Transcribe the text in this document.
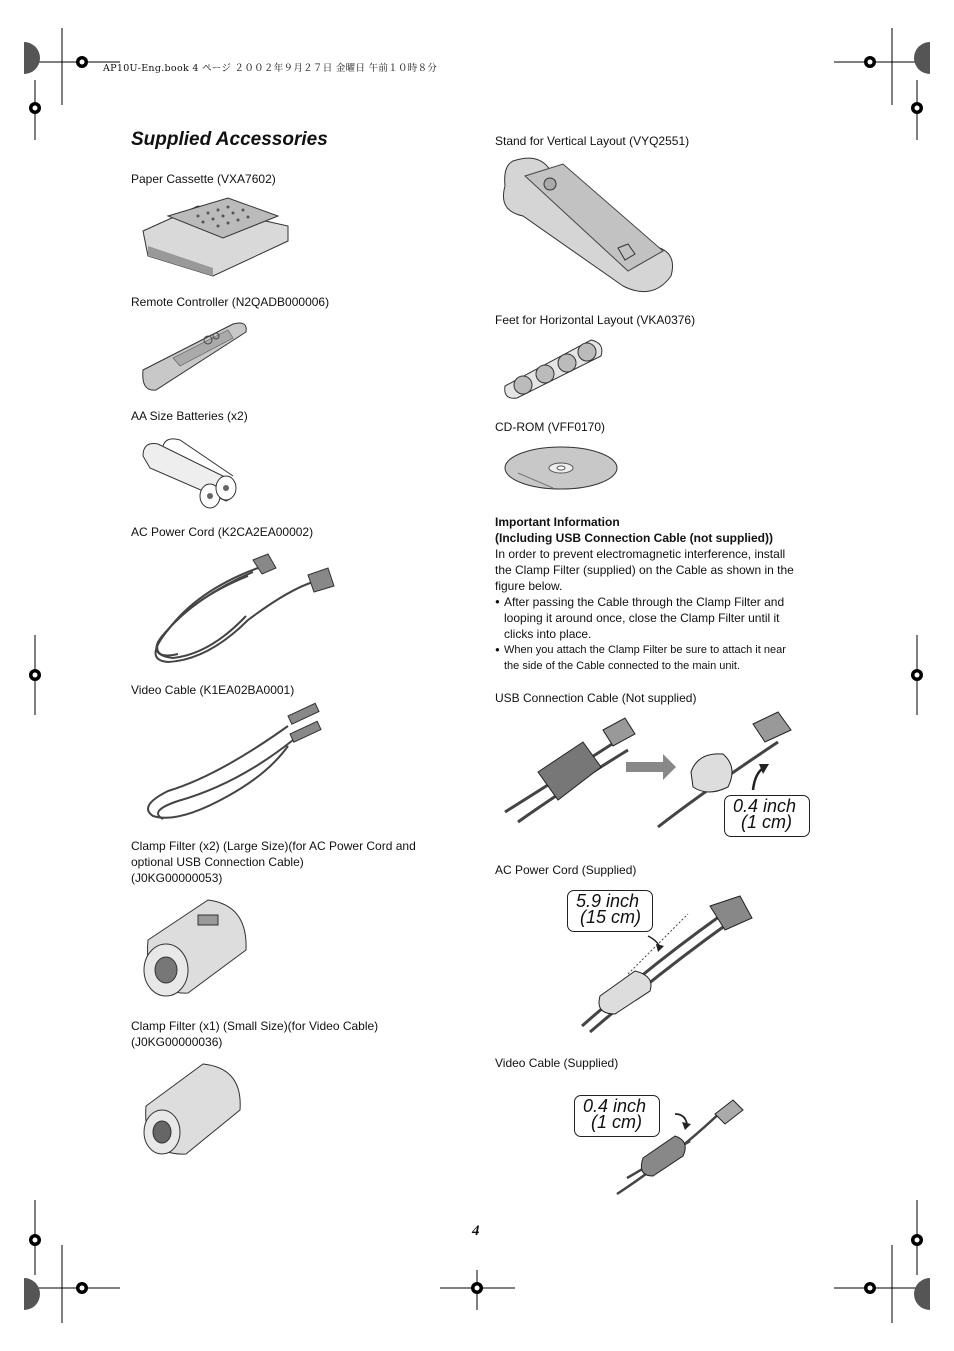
AP10U-Eng.book 4 ページ ２００２年９月２７日 金曜日 午前１０時８分
Supplied Accessories
Paper Cassette (VXA7602)
Remote Controller (N2QADB000006)
AA Size Batteries (x2)
AC Power Cord (K2CA2EA00002)
Video Cable (K1EA02BA0001)
Clamp Filter (x2) (Large Size)(for AC Power Cord and
optional USB Connection Cable)
(J0KG00000053)
Clamp Filter (x1) (Small Size)(for Video Cable)
(J0KG00000036)
Stand for Vertical Layout (VYQ2551)
Feet for Horizontal Layout (VKA0376)
CD-ROM (VFF0170)
Important Information
(Including USB Connection Cable (not supplied))
In order to prevent electromagnetic interference, install
the Clamp Filter (supplied) on the Cable as shown in the
figure below.
● After passing the Cable through the Clamp Filter and
looping it around once, close the Clamp Filter until it
clicks into place.
● When you attach the Clamp Filter be sure to attach it near
the side of the Cable connected to the main unit.
USB Connection Cable (Not supplied)
0.4 inch
(1 cm)
AC Power Cord (Supplied)
5.9 inch
(15 cm)
Video Cable (Supplied)
0.4 inch
(1 cm)
4
